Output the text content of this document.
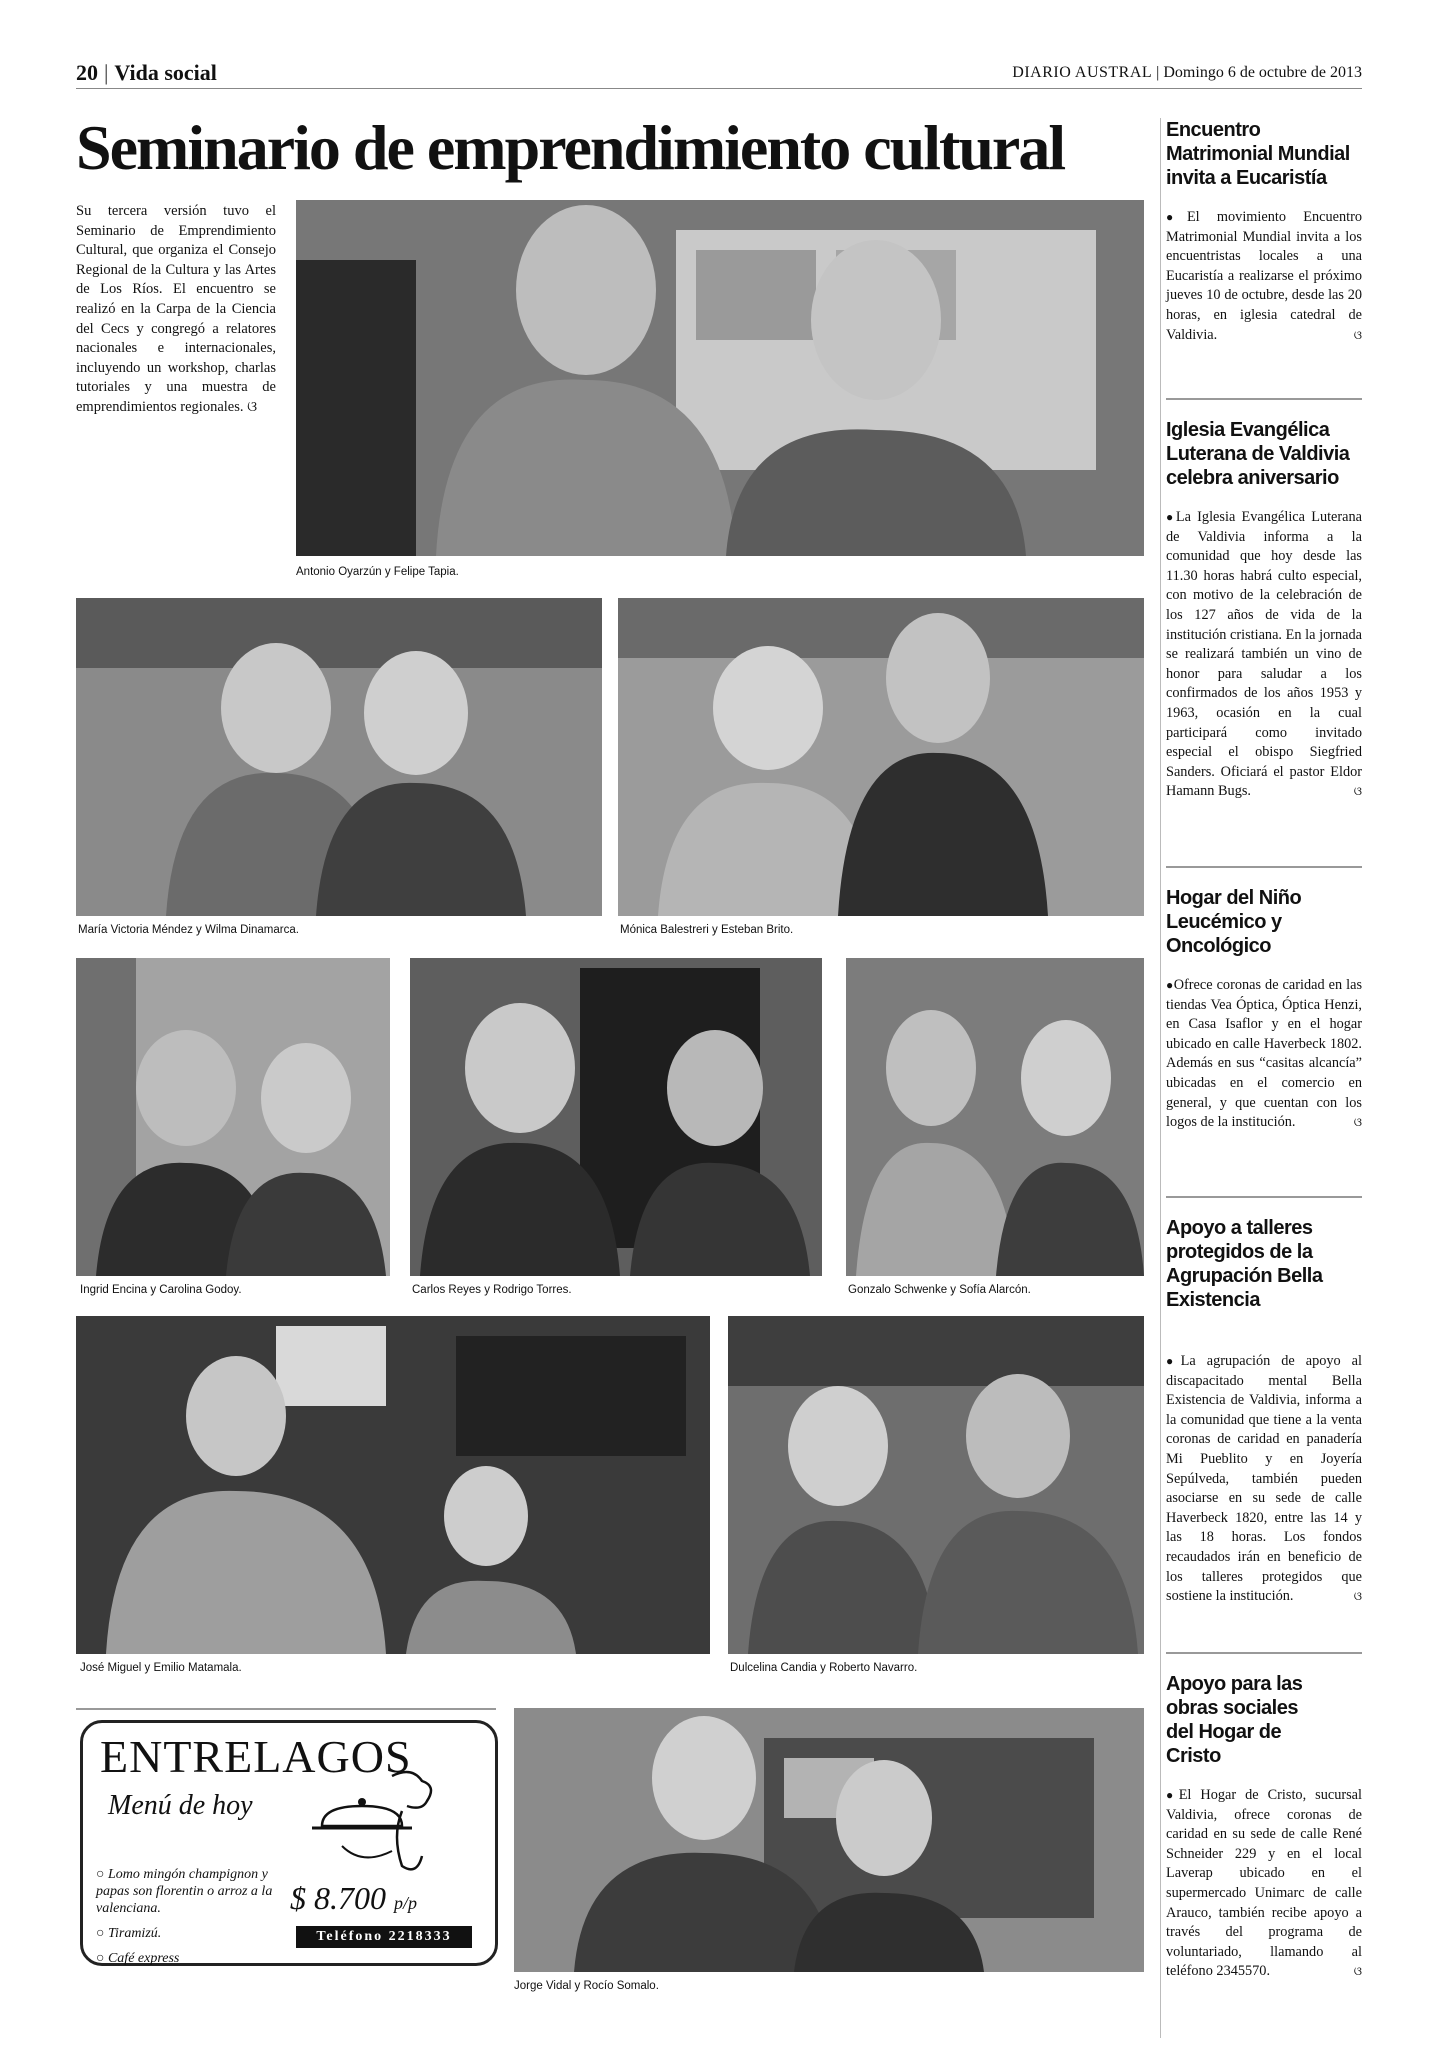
20 | Vida social	DIARIO AUSTRAL | Domingo 6 de octubre de 2013
Seminario de emprendimiento cultural
Su tercera versión tuvo el Seminario de Emprendimiento Cultural, que organiza el Consejo Regional de la Cultura y las Artes de Los Ríos. El encuentro se realizó en la Carpa de la Ciencia del Cecs y congregó a relatores nacionales e internacionales, incluyendo un workshop, charlas tutoriales y una muestra de emprendimientos regionales. ଓ
Antonio Oyarzún y Felipe Tapia.
María Victoria Méndez y Wilma Dinamarca.	Mónica Balestreri y Esteban Brito.
Ingrid Encina y Carolina Godoy.	Carlos Reyes y Rodrigo Torres.	Gonzalo Schwenke y Sofía Alarcón.
José Miguel y Emilio Matamala.	Dulcelina Candia y Roberto Navarro.
Jorge Vidal y Rocío Somalo.
ENTRELAGOS
Menú de hoy
○ Lomo mingón champignon y papas son florentin o arroz a la valenciana.
○ Tiramizú.
○ Café express
$ 8.700 p/p
Teléfono 2218333
Encuentro Matrimonial Mundial invita a Eucaristía
●El movimiento Encuentro Matrimonial Mundial invita a los encuentristas locales a una Eucaristía a realizarse el próximo jueves 10 de octubre, desde las 20 horas, en iglesia catedral de Valdivia.	ଓ
Iglesia Evangélica Luterana de Valdivia celebra aniversario
●La Iglesia Evangélica Luterana de Valdivia informa a la comunidad que hoy desde las 11.30 horas habrá culto especial, con motivo de la celebración de los 127 años de vida de la institución cristiana. En la jornada se realizará también un vino de honor para saludar a los confirmados de los años 1953 y 1963, ocasión en la cual participará como invitado especial el obispo Siegfried Sanders. Oficiará el pastor Eldor Hamann Bugs.	ଓ
Hogar del Niño Leucémico y Oncológico
●Ofrece coronas de caridad en las tiendas Vea Óptica, Óptica Henzi, en Casa Isaflor y en el hogar ubicado en calle Haverbeck 1802. Además en sus “casitas alcancía” ubicadas en el comercio en general, y que cuentan con los logos de la institución.	ଓ
Apoyo a talleres protegidos de la Agrupación Bella Existencia
●La agrupación de apoyo al discapacitado mental Bella Existencia de Valdivia, informa a la comunidad que tiene a la venta coronas de caridad en panadería Mi Pueblito y en Joyería Sepúlveda, también pueden asociarse en su sede de calle Haverbeck 1820, entre las 14 y las 18 horas. Los fondos recaudados irán en beneficio de los talleres protegidos que sostiene la institución.	ଓ
Apoyo para las obras sociales del Hogar de Cristo
●El Hogar de Cristo, sucursal Valdivia, ofrece coronas de caridad en su sede de calle René Schneider 229 y en el local Laverap ubicado en el supermercado Unimarc de calle Arauco, también recibe apoyo a través del programa de voluntariado, llamando al teléfono 2345570.	ଓ
